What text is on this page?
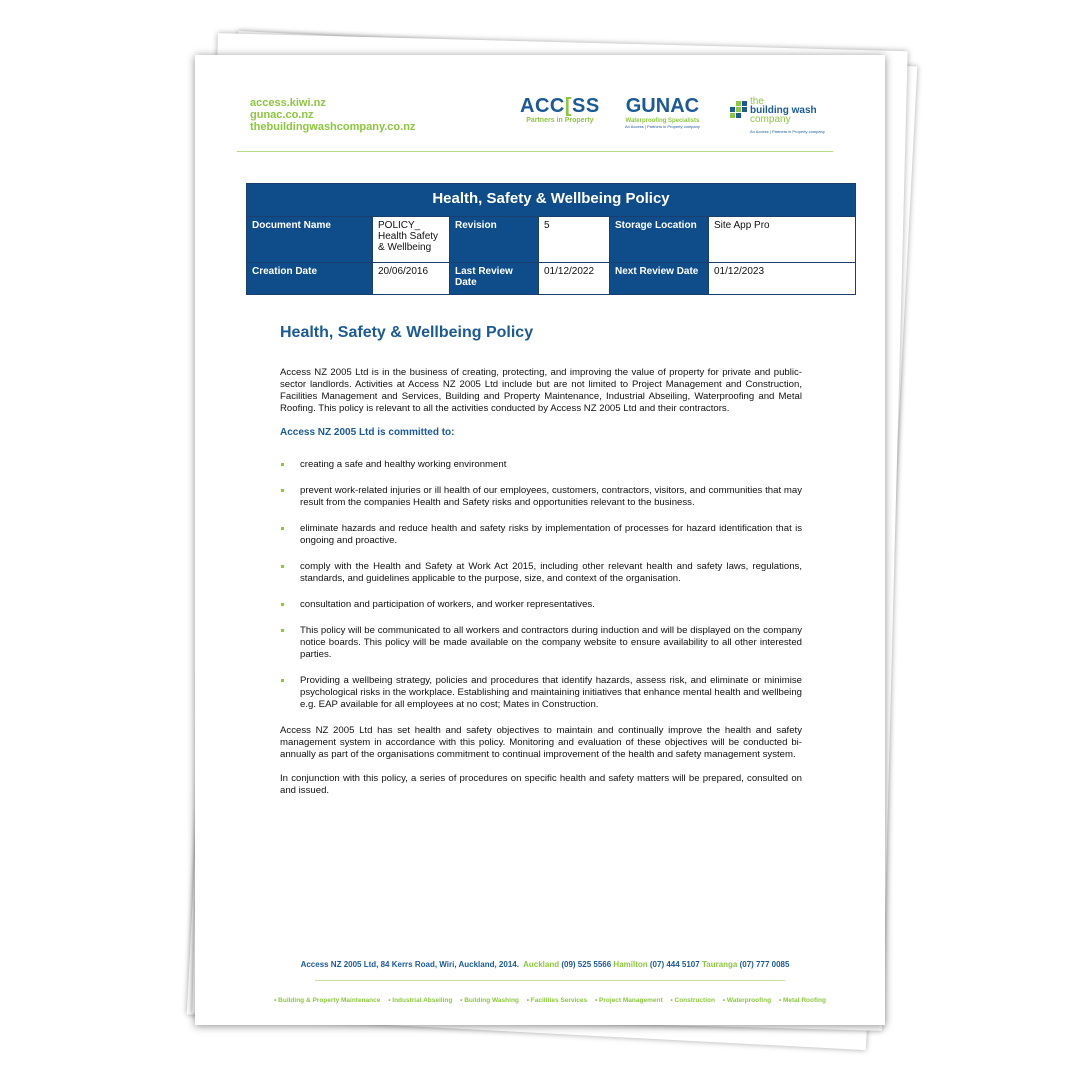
access.kiwi.nz
gunac.co.nz
thebuildingwashcompany.co.nz
ACC[SS
Partners in Property
GUNAC
Waterproofing Specialists
An Access | Partners in Property company
the
building wash
company
An Access | Partners in Property company
Health, Safety & Wellbeing Policy					
Document Name	POLICY_ Health Safety & Wellbeing	Revision	5	Storage Location	Site App Pro
Creation Date	20/06/2016	Last Review Date	01/12/2022	Next Review Date	01/12/2023
Health, Safety & Wellbeing Policy

Access NZ 2005 Ltd is in the business of creating, protecting, and improving the value of property for private and public-sector landlords. Activities at Access NZ 2005 Ltd include but are not limited to Project Management and Construction, Facilities Management and Services, Building and Property Maintenance, Industrial Abseiling, Waterproofing and Metal Roofing. This policy is relevant to all the activities conducted by Access NZ 2005 Ltd and their contractors.

Access NZ 2005 Ltd is committed to:
creating a safe and healthy working environment
prevent work-related injuries or ill health of our employees, customers, contractors, visitors, and communities that may result from the companies Health and Safety risks and opportunities relevant to the business.
eliminate hazards and reduce health and safety risks by implementation of processes for hazard identification that is ongoing and proactive.
comply with the Health and Safety at Work Act 2015, including other relevant health and safety laws, regulations, standards, and guidelines applicable to the purpose, size, and context of the organisation.
consultation and participation of workers, and worker representatives.
This policy will be communicated to all workers and contractors during induction and will be displayed on the company notice boards. This policy will be made available on the company website to ensure availability to all other interested parties.
Providing a wellbeing strategy, policies and procedures that identify hazards, assess risk, and eliminate or minimise psychological risks in the workplace. Establishing and maintaining initiatives that enhance mental health and wellbeing e.g. EAP available for all employees at no cost; Mates in Construction.

Access NZ 2005 Ltd has set health and safety objectives to maintain and continually improve the health and safety management system in accordance with this policy. Monitoring and evaluation of these objectives will be conducted bi-annually as part of the organisations commitment to continual improvement of the health and safety management system.

In conjunction with this policy, a series of procedures on specific health and safety matters will be prepared, consulted on and issued.

Access NZ 2005 Ltd, 84 Kerrs Road, Wiri, Auckland, 2014. Auckland (09) 525 5566 Hamilton (07) 444 5107 Tauranga (07) 777 0085
• Building & Property Maintenance • Industrial Abseiling • Building Washing • Facilities Services • Project Management • Construction • Waterproofing • Metal Roofing
